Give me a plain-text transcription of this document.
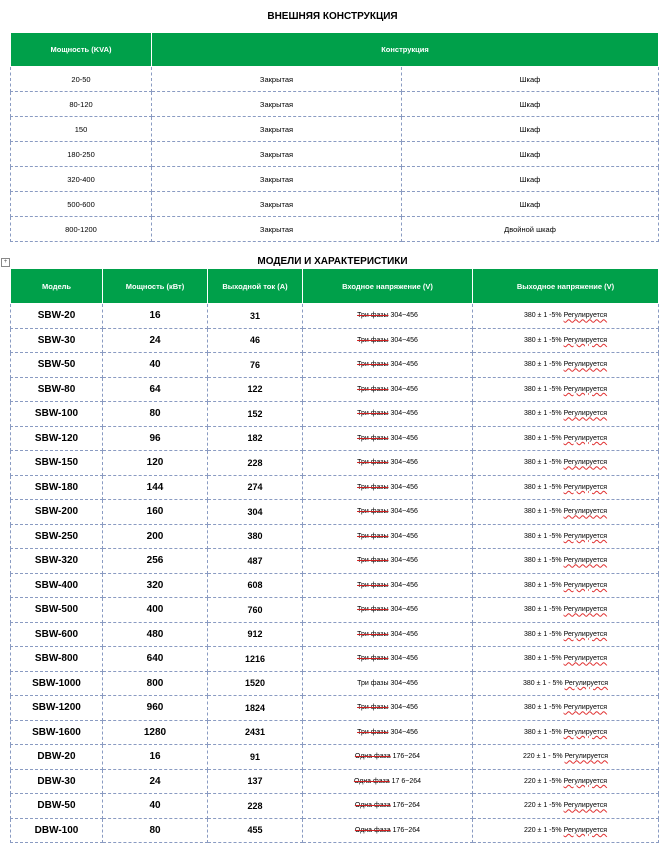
ВНЕШНЯЯ КОНСТРУКЦИЯ
Мощность (KVA)	Конструкция	
20-50	Закрытая	Шкаф
80-120	Закрытая	Шкаф
150	Закрытая	Шкаф
180-250	Закрытая	Шкаф
320-400	Закрытая	Шкаф
500-600	Закрытая	Шкаф
800-1200	Закрытая	Двойной шкаф
+	МОДЕЛИ И ХАРАКТЕРИСТИКИ
Модель	Мощность (кВт)	Выходной ток (A)	Входное напряжение (V)	Выходное напряжение (V)
SBW-20	16	31	Три фазы 304~456	380 ± 1 -5% Регулируется
SBW-30	24	46	Три фазы 304~456	380 ± 1 -5% Регулируется
SBW-50	40	76	Три фазы 304~456	380 ± 1 -5% Регулируется
SBW-80	64	122	Три фазы 304~456	380 ± 1 -5% Регулируется
SBW-100	80	152	Три фазы 304~456	380 ± 1 -5% Регулируется
SBW-120	96	182	Три фазы 304~456	380 ± 1 -5% Регулируется
SBW-150	120	228	Три фазы 304~456	380 ± 1 -5% Регулируется
SBW-180	144	274	Три фазы 304~456	380 ± 1 -5% Регулируется
SBW-200	160	304	Три фазы 304~456	380 ± 1 -5% Регулируется
SBW-250	200	380	Три фазы 304~456	380 ± 1 -5% Регулируется
SBW-320	256	487	Три фазы 304~456	380 ± 1 -5% Регулируется
SBW-400	320	608	Три фазы 304~456	380 ± 1 -5% Регулируется
SBW-500	400	760	Три фазы 304~456	380 ± 1 -5% Регулируется
SBW-600	480	912	Три фазы 304~456	380 ± 1 -5% Регулируется
SBW-800	640	1216	Три фазы 304~456	380 ± 1 -5% Регулируется
SBW-1000	800	1520	Три фазы 304~456	380 ± 1 - 5% Регулируется
SBW-1200	960	1824	Три фазы 304~456	380 ± 1 -5% Регулируется
SBW-1600	1280	2431	Три фазы 304~456	380 ± 1 -5% Регулируется
DBW-20	16	91	Одна фаза 176~264	220 ± 1 - 5% Регулируется
DBW-30	24	137	Одна фаза 17 6~264	220 ± 1 -5% Регулируется
DBW-50	40	228	Одна фаза 176~264	220 ± 1 -5% Регулируется
DBW-100	80	455	Одна фаза 176~264	220 ± 1 -5% Регулируется
